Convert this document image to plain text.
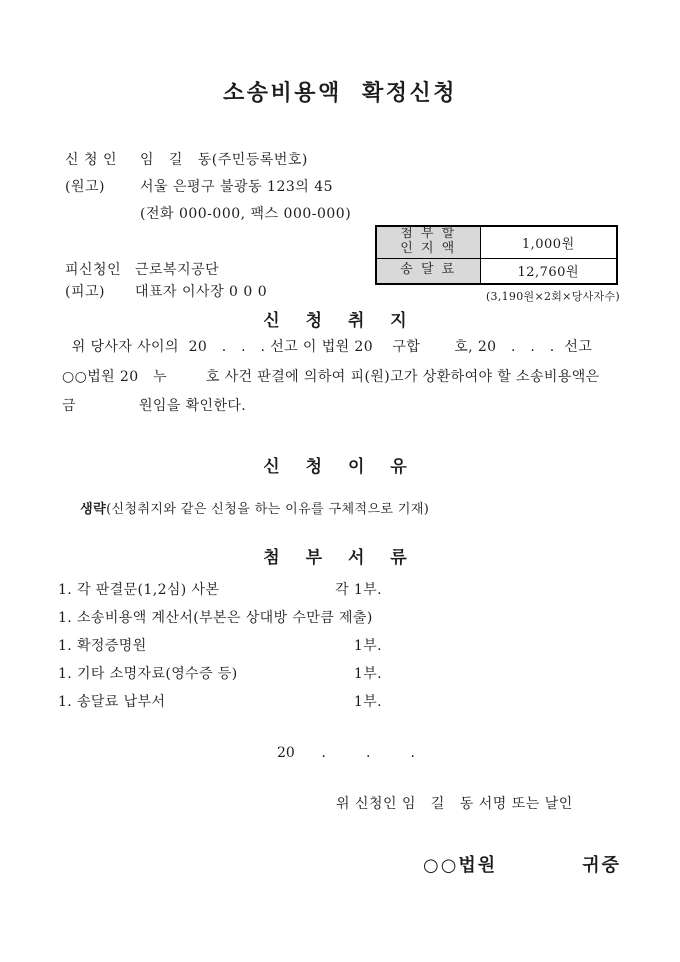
소송비용액  확정신청
신 청 인	임   길   동(주민등록번호)
(원고)	서울 은평구 불광동 123의 45

(전화 000-000, 팩스 000-000)
첨 부 할
인 지 액	1,000원

송 달 료	12,760원
(3,190원×2회×당사자수)
피신청인 근로복지공단
(피고)	대표자 이사장 0 0 0
신 청 취 지
위 당사자 사이의  20   .   .   . 선고 이 법원 20    구합       호, 20   .   .   .  선고
○○법원 20   누        호 사건 판결에 의하여 피(원)고가 상환하여야 할 소송비용액은
금             원임을 확인한다.
신 청 이 유

생략(신청취지와 같은 신청을 하는 이유를 구체적으로 기재)

첨 부 서 류
1. 각 판결문(1,2심) 사본	각 1부.
1. 소송비용액 계산서(부본은 상대방 수만큼 제출)
1. 확정증명원	1부.
1. 기타 소명자료(영수증 등)	1부.
1. 송달료 납부서	1부.
20      .         .         .
위 신청인 임   길   동 서명 또는 날인
○○법원	귀중
